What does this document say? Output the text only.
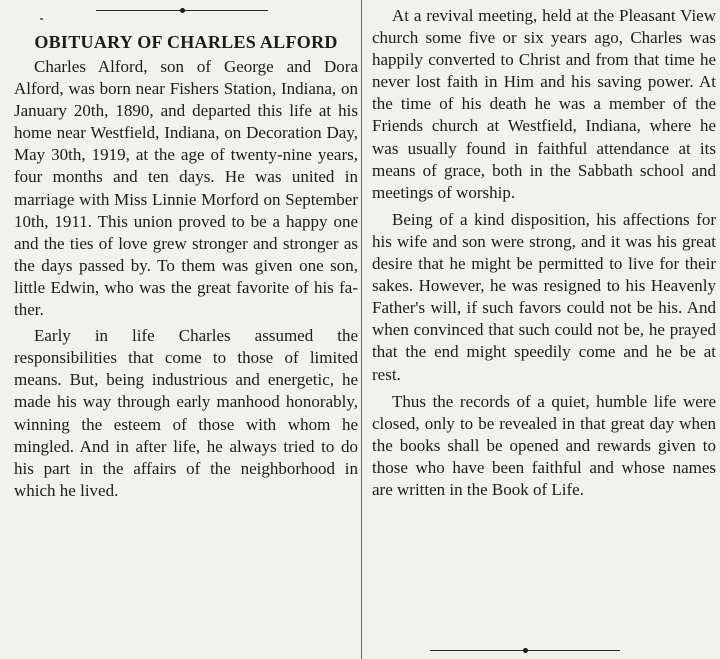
OBITUARY OF CHARLES ALFORD

Charles Alford, son of George and Dora Alford, was born near Fishers Station, Indiana, on January 20th, 1890, and departed this life at his home near Westfield, Indiana, on Decoration Day, May 30th, 1919, at the age of twenty-nine years, four months and ten days. He was united in marriage with Miss Linnie Morford on September 10th, 1911. This union proved to be a happy one and the ties of love grew stronger and stronger as the days passed by. To them was given one son, little Edwin, who was the great favorite of his father.

Early in life Charles assumed the responsibilities that come to those of limited means. But, being industrious and energetic, he made his way through early manhood honorably, winning the esteem of those with whom he mingled. And in after life, he always tried to do his part in the affairs of the neighborhood in which he lived.

At a revival meeting, held at the Pleasant View church some five or six years ago, Charles was happily converted to Christ and from that time he never lost faith in Him and his saving power. At the time of his death he was a member of the Friends church at Westfield, Indiana, where he was usually found in faithful attendance at its means of grace, both in the Sabbath school and meetings of worship.

Being of a kind disposition, his affections for his wife and son were strong, and it was his great desire that he might be permitted to live for their sakes. However, he was resigned to his Heavenly Father's will, if such favors could not be his. And when convinced that such could not be, he prayed that the end might speedily come and he be at rest.

Thus the records of a quiet, humble life were closed, only to be revealed in that great day when the books shall be opened and rewards given to those who have been faithful and whose names are written in the Book of Life.
